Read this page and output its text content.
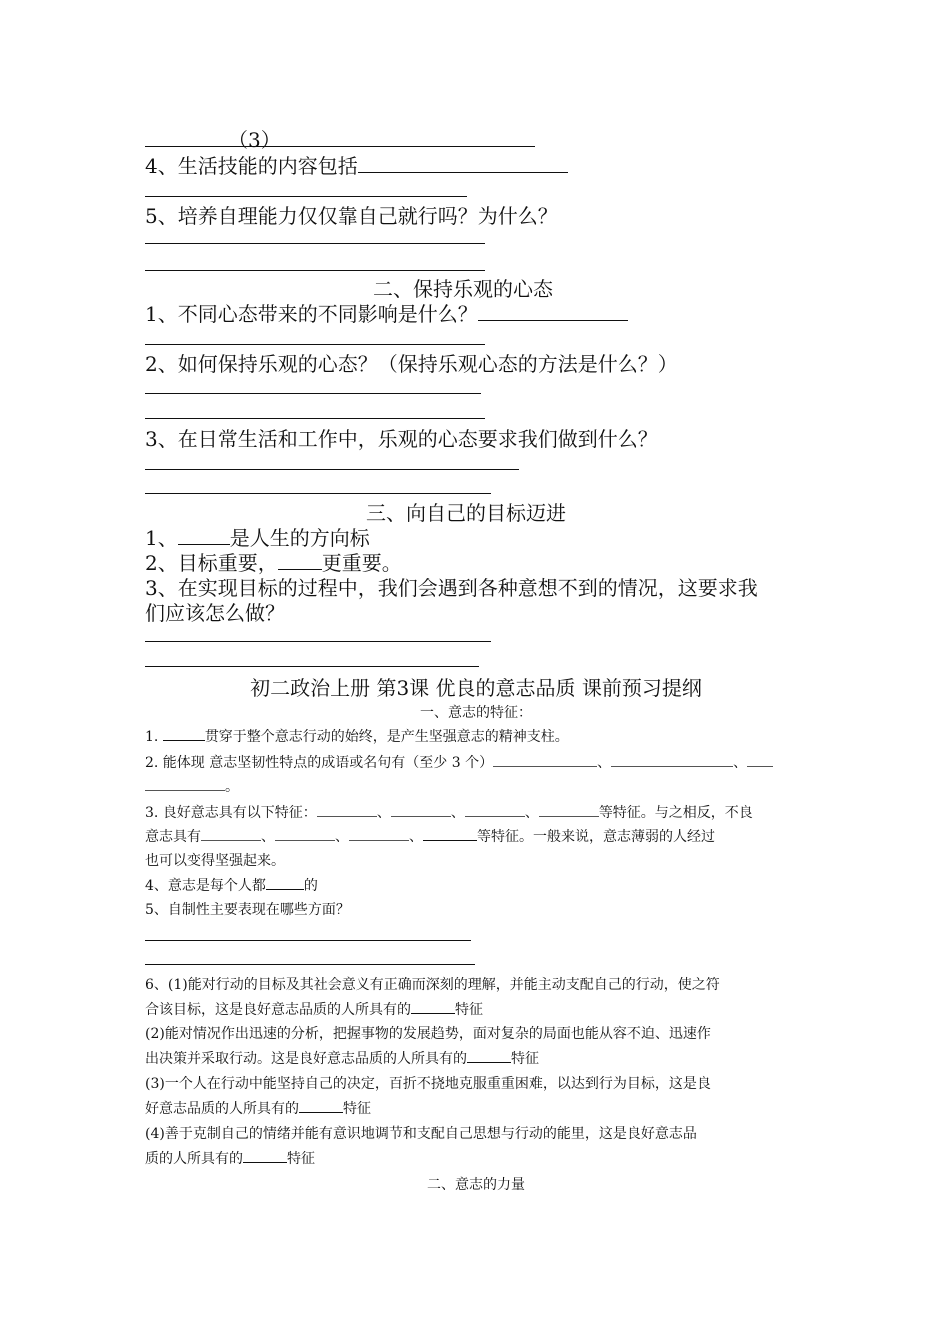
（3）
4、生活技能的内容包括
5、培养自理能力仅仅靠自己就行吗？为什么？
二、保持乐观的心态
1、不同心态带来的不同影响是什么？
2、如何保持乐观的心态？（保持乐观心态的方法是什么？）
3、在日常生活和工作中，乐观的心态要求我们做到什么？
三、向自己的目标迈进
1、	是人生的方向标
2、目标重要， 更重要。
3、在实现目标的过程中，我们会遇到各种意想不到的情况，这要求我
们应该怎么做？
初二政治上册 第3课 优良的意志品质 课前预习提纲
一、意志的特征：
1.	贯穿于整个意志行动的始终，是产生坚强意志的精神支柱。
2. 能体现 意志坚韧性特点的成语或名句有（至少 3 个）	、	、
。
3. 良好意志具有以下特征：	、	、	、	等特征。与之相反，不良
意志具有	、	、	、	等特征。一般来说，意志薄弱的人经过
也可以变得坚强起来。
4、意志是每个人都	的
5、自制性主要表现在哪些方面？
6、(1)能对行动的目标及其社会意义有正确而深刻的理解，并能主动支配自己的行动，使之符
合该目标，这是良好意志品质的人所具有的	特征
(2)能对情况作出迅速的分析，把握事物的发展趋势，面对复杂的局面也能从容不迫、迅速作
出决策并采取行动。这是良好意志品质的人所具有的	特征
(3)一个人在行动中能坚持自己的决定，百折不挠地克服重重困难，以达到行为目标，这是良
好意志品质的人所具有的	特征
(4)善于克制自己的情绪并能有意识地调节和支配自己思想与行动的能里，这是良好意志品
质的人所具有的	特征
二、意志的力量
